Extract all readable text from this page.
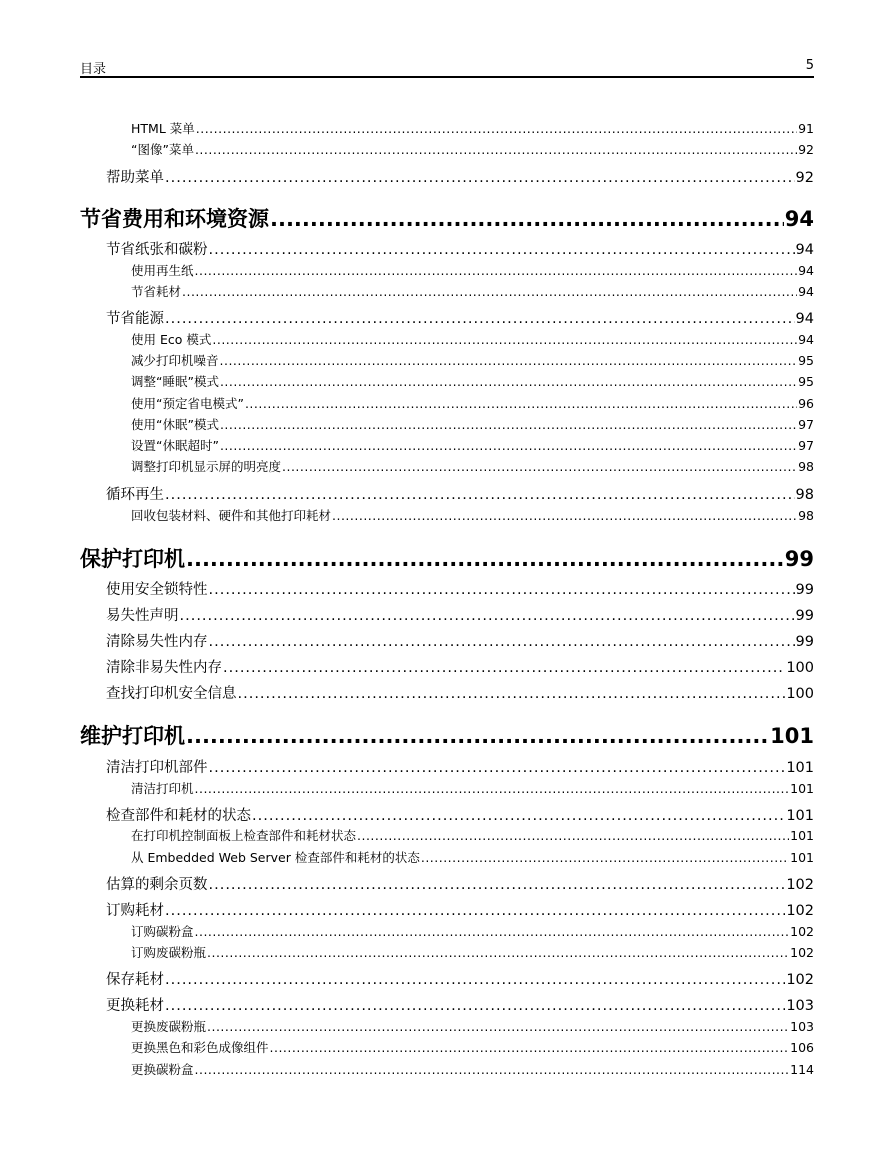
目录	5
HTML 菜单 .....	91
“图像”菜单 .....	92
帮助菜单 .....	92
节省费用和环境资源 .....	94
节省纸张和碳粉 .....	94
使用再生纸 .....	94
节省耗材 .....	94
节省能源 .....	94
使用 Eco 模式 .....	94
减少打印机噪音 .....	95
调整“睡眠”模式 .....	95
使用“预定省电模式” .....	96
使用“休眠”模式 .....	97
设置“休眠超时” .....	97
调整打印机显示屏的明亮度 .....	98
循环再生 .....	98
回收包装材料、硬件和其他打印耗材 .....	98
保护打印机 .....	99
使用安全锁特性 .....	99
易失性声明 .....	99
清除易失性内存 .....	99
清除非易失性内存 .....	100
查找打印机安全信息 .....	100
维护打印机 .....	101
清洁打印机部件 .....	101
清洁打印机 .....	101
检查部件和耗材的状态 .....	101
在打印机控制面板上检查部件和耗材状态 .....	101
从 Embedded Web Server 检查部件和耗材的状态 .....	101
估算的剩余页数 .....	102
订购耗材 .....	102
订购碳粉盒 .....	102
订购废碳粉瓶 .....	102
保存耗材 .....	102
更换耗材 .....	103
更换废碳粉瓶 .....	103
更换黑色和彩色成像组件 .....	106
更换碳粉盒 .....	114
